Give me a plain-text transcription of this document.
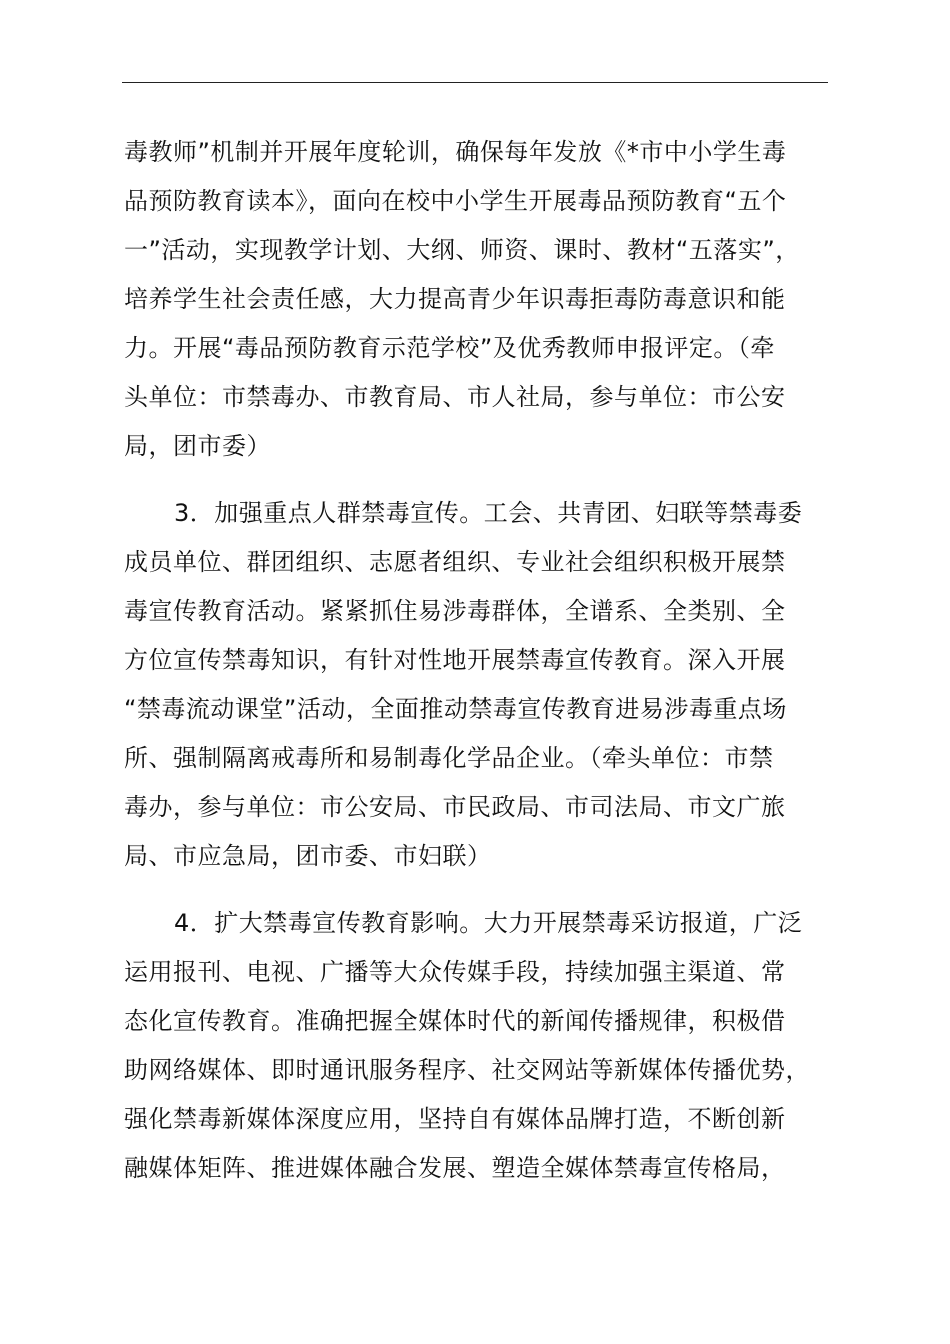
毒教师”机制并开展年度轮训，确保每年发放《*市中小学生毒
品预防教育读本》，面向在校中小学生开展毒品预防教育“五个
一”活动，实现教学计划、大纲、师资、课时、教材“五落实”，
培养学生社会责任感，大力提高青少年识毒拒毒防毒意识和能
力。开展“毒品预防教育示范学校”及优秀教师申报评定。（牵
头单位：市禁毒办、市教育局、市人社局，参与单位：市公安
局，团市委）

3．加强重点人群禁毒宣传。工会、共青团、妇联等禁毒委
成员单位、群团组织、志愿者组织、专业社会组织积极开展禁
毒宣传教育活动。紧紧抓住易涉毒群体，全谱系、全类别、全
方位宣传禁毒知识，有针对性地开展禁毒宣传教育。深入开展
“禁毒流动课堂”活动，全面推动禁毒宣传教育进易涉毒重点场
所、强制隔离戒毒所和易制毒化学品企业。（牵头单位：市禁
毒办，参与单位：市公安局、市民政局、市司法局、市文广旅
局、市应急局，团市委、市妇联）

4．扩大禁毒宣传教育影响。大力开展禁毒采访报道，广泛
运用报刊、电视、广播等大众传媒手段，持续加强主渠道、常
态化宣传教育。准确把握全媒体时代的新闻传播规律，积极借
助网络媒体、即时通讯服务程序、社交网站等新媒体传播优势，
强化禁毒新媒体深度应用，坚持自有媒体品牌打造，不断创新
融媒体矩阵、推进媒体融合发展、塑造全媒体禁毒宣传格局，
